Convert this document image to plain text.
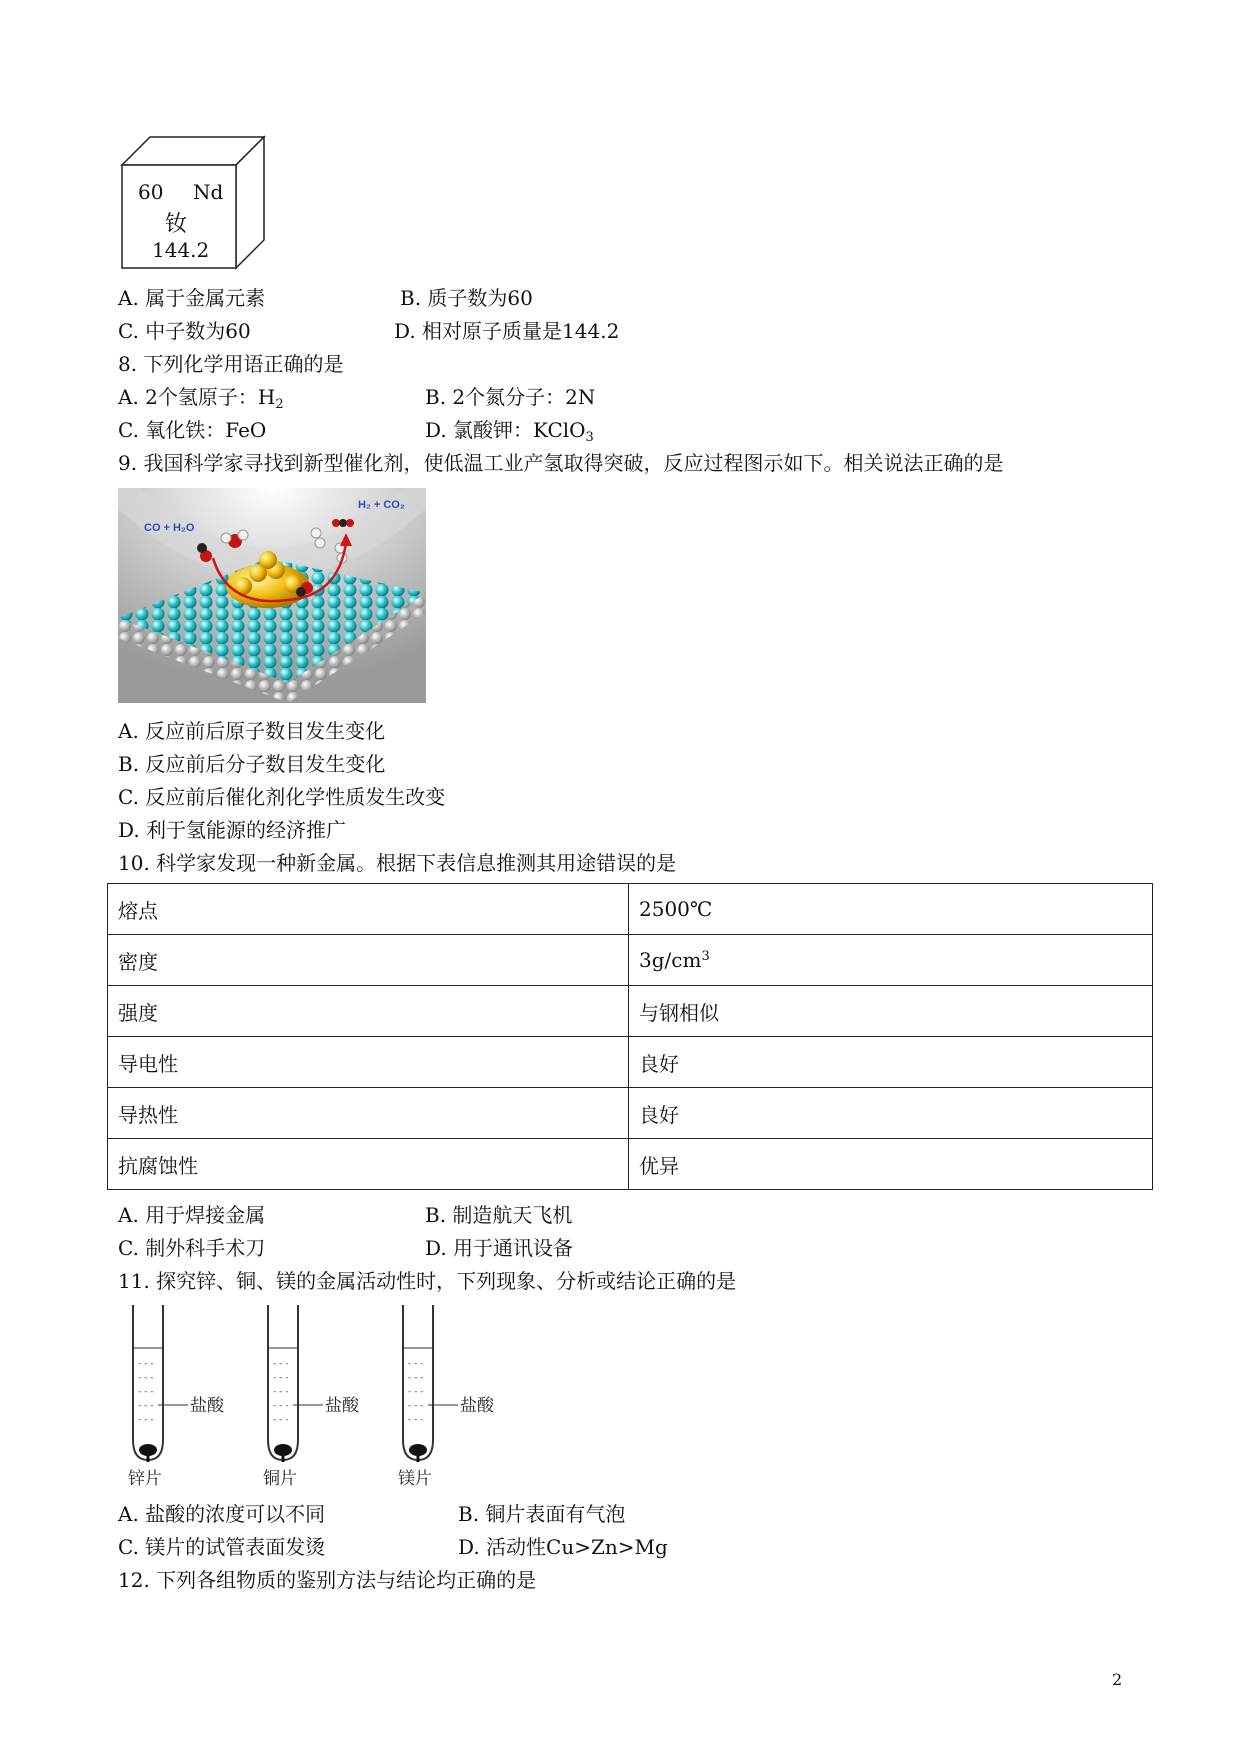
60 Nd
钕
144.2
A. 属于金属元素	B. 质子数为60
C. 中子数为60	D. 相对原子质量是144.2
8. 下列化学用语正确的是
A. 2个氢原子：$H_2$	B. 2个氮分子：2N
C. 氧化铁：FeO	D. 氯酸钾：KClO$_3$
9. 我国科学家寻找到新型催化剂，使低温工业产氢取得突破，反应过程图示如下。相关说法正确的是
CO + H₂O
H₂ + CO₂
A. 反应前后原子数目发生变化
B. 反应前后分子数目发生变化
C. 反应前后催化剂化学性质发生改变
D. 利于氢能源的经济推广
10. 科学家发现一种新金属。根据下表信息推测其用途错误的是
熔点	2500℃
密度	$3g/cm^3$
强度	与钢相似
导电性	良好
导热性	良好
抗腐蚀性	优异
A. 用于焊接金属	B. 制造航天飞机
C. 制外科手术刀	D. 用于通讯设备
11. 探究锌、铜、镁的金属活动性时，下列现象、分析或结论正确的是
- - -
- - -
- - -
- - -
- - -
盐酸
锌片
- - -
- - -
- - -
- - -
- - -
盐酸
铜片
- - -
- - -
- - -
- - -
- - -
盐酸
镁片
A. 盐酸的浓度可以不同	B. 铜片表面有气泡
C. 镁片的试管表面发烫	D. 活动性Cu>Zn>Mg
12. 下列各组物质的鉴别方法与结论均正确的是
2
